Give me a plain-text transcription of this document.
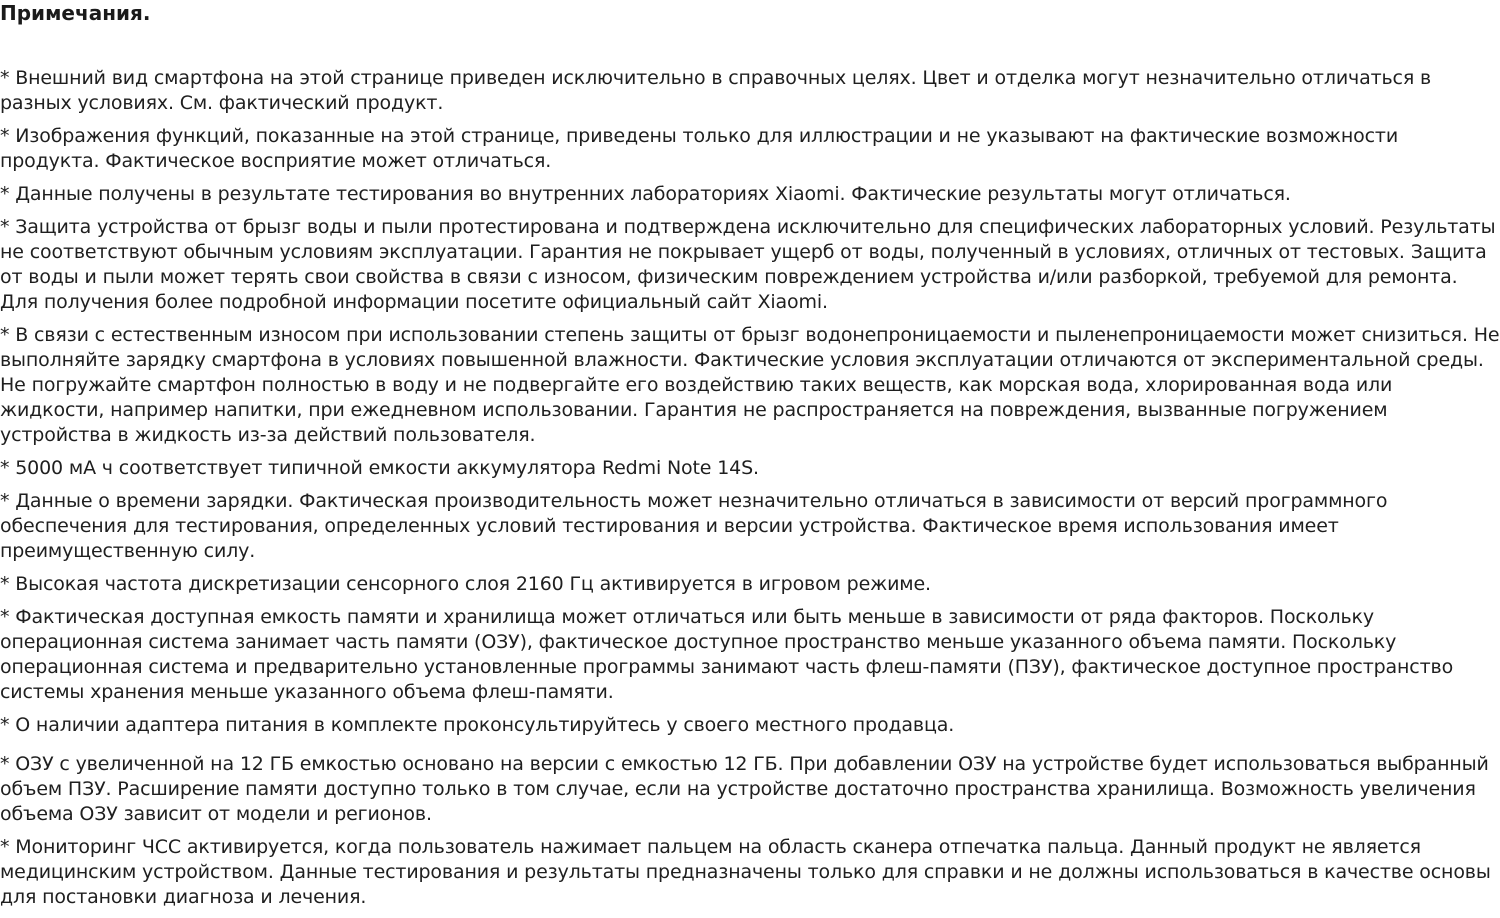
Примечания.
* Внешний вид смартфона на этой странице приведен исключительно в справочных целях. Цвет и отделка могут незначительно отличаться в разных условиях. См. фактический продукт.
* Изображения функций, показанные на этой странице, приведены только для иллюстрации и не указывают на фактические возможности продукта. Фактическое восприятие может отличаться.
* Данные получены в результате тестирования во внутренних лабораториях Xiaomi. Фактические результаты могут отличаться.
* Защита устройства от брызг воды и пыли протестирована и подтверждена исключительно для специфических лабораторных условий. Результаты не соответствуют обычным условиям эксплуатации. Гарантия не покрывает ущерб от воды, полученный в условиях, отличных от тестовых. Защита от воды и пыли может терять свои свойства в связи с износом, физическим повреждением устройства и/или разборкой, требуемой для ремонта. Для получения более подробной информации посетите официальный сайт Xiaomi.
* В связи с естественным износом при использовании степень защиты от брызг водонепроницаемости и пыленепроницаемости может снизиться. Не выполняйте зарядку смартфона в условиях повышенной влажности. Фактические условия эксплуатации отличаются от экспериментальной среды. Не погружайте смартфон полностью в воду и не подвергайте его воздействию таких веществ, как морская вода, хлорированная вода или жидкости, например напитки, при ежедневном использовании. Гарантия не распространяется на повреждения, вызванные погружением устройства в жидкость из-за действий пользователя.
* 5000 мА ч соответствует типичной емкости аккумулятора Redmi Note 14S.
* Данные о времени зарядки. Фактическая производительность может незначительно отличаться в зависимости от версий программного обеспечения для тестирования, определенных условий тестирования и версии устройства. Фактическое время использования имеет преимущественную силу.
* Высокая частота дискретизации сенсорного слоя 2160 Гц активируется в игровом режиме.
* Фактическая доступная емкость памяти и хранилища может отличаться или быть меньше в зависимости от ряда факторов. Поскольку операционная система занимает часть памяти (ОЗУ), фактическое доступное пространство меньше указанного объема памяти. Поскольку операционная система и предварительно установленные программы занимают часть флеш-памяти (ПЗУ), фактическое доступное пространство системы хранения меньше указанного объема флеш-памяти.
* О наличии адаптера питания в комплекте проконсультируйтесь у своего местного продавца.
* ОЗУ с увеличенной на 12 ГБ емкостью основано на версии с емкостью 12 ГБ. При добавлении ОЗУ на устройстве будет использоваться выбранный объем ПЗУ. Расширение памяти доступно только в том случае, если на устройстве достаточно пространства хранилища. Возможность увеличения объема ОЗУ зависит от модели и регионов.
* Мониторинг ЧСС активируется, когда пользователь нажимает пальцем на область сканера отпечатка пальца. Данный продукт не является медицинским устройством. Данные тестирования и результаты предназначены только для справки и не должны использоваться в качестве основы для постановки диагноза и лечения.
